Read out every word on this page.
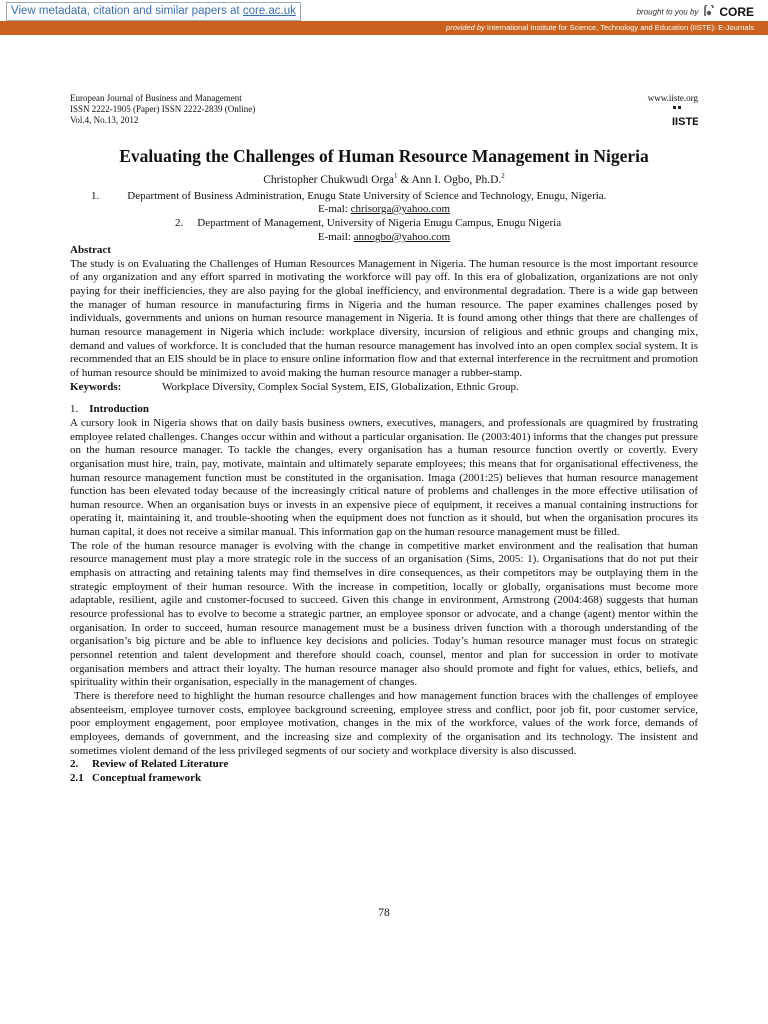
View metadata, citation and similar papers at core.ac.uk	brought to you by CORE
provided by International Institute for Science, Technology and Education (IISTE): E-Journals
European Journal of Business and Management
ISSN 2222-1905 (Paper) ISSN 2222-2839 (Online)
Vol.4, No.13, 2012
www.iiste.org
IISTE
Evaluating the Challenges of Human Resource Management in Nigeria
Christopher Chukwudi Orga$^1$ & Ann I. Ogbo, Ph.D.$^2$
1.	Department of Business Administration, Enugu State University of Science and Technology, Enugu, Nigeria.
E-mal: chrisorga@yahoo.com
2. Department of Management, University of Nigeria Enugu Campus, Enugu Nigeria
E-mail: annogbo@yahoo.com

Abstract

The study is on Evaluating the Challenges of Human Resources Management in Nigeria. The human resource is the most important resource of any organization and any effort sparred in motivating the workforce will pay off. In this era of globalization, organizations are not only paying for their inefficiencies, they are also paying for the global inefficiency, and environmental degradation. There is a wide gap between the manager of human resource in manufacturing firms in Nigeria and the human resource. The paper examines challenges posed by individuals, governments and unions on human resource management in Nigeria. It is found among other things that there are challenges of human resource management in Nigeria which include: workplace diversity, incursion of religious and ethnic groups and changing mix, demand and values of workforce. It is concluded that the human resource management has involved into an open complex social system. It is recommended that an EIS should be in place to ensure online information flow and that external interference in the recruitment and promotion of human resource should be minimized to avoid making the human resource manager a rubber-stamp.

Keywords:	Workplace Diversity, Complex Social System, EIS, Globalization, Ethnic Group.

1. Introduction

A cursory look in Nigeria shows that on daily basis business owners, executives, managers, and professionals are quagmired by frustrating employee related challenges. Changes occur within and without a particular organisation. Ile (2003:401) informs that the changes put pressure on the human resource manager. To tackle the changes, every organisation has a human resource function overtly or covertly. Every organisation must hire, train, pay, motivate, maintain and ultimately separate employees; this means that for organisational effectiveness, the human resource management function must be constituted in the organisation. Imaga (2001:25) believes that human resource management function has been elevated today because of the increasingly critical nature of problems and challenges in the more effective utilisation of human resource. When an organisation buys or invests in an expensive piece of equipment, it receives a manual containing instructions for operating it, maintaining it, and trouble-shooting when the equipment does not function as it should, but when the organisation procures its human capital, it does not receive a similar manual. This information gap on the human resource management must be filled.

The role of the human resource manager is evolving with the change in competitive market environment and the realisation that human resource management must play a more strategic role in the success of an organisation (Sims, 2005: 1). Organisations that do not put their emphasis on attracting and retaining talents may find themselves in dire consequences, as their competitors may be outplaying them in the strategic employment of their human resource. With the increase in competition, locally or globally, organisations must become more adaptable, resilient, agile and customer-focused to succeed. Given this change in environment, Armstrong (2004:468) suggests that human resource professional has to evolve to become a strategic partner, an employee sponsor or advocate, and a change (agent) mentor within the organisation. In order to succeed, human resource management must be a business driven function with a thorough understanding of the organisation’s big picture and be able to influence key decisions and policies. Today’s human resource manager must focus on strategic personnel retention and talent development and therefore should coach, counsel, mentor and plan for succession in order to motivate organisation members and attract their loyalty. The human resource manager also should promote and fight for values, ethics, beliefs, and spirituality within their organisation, especially in the management of changes.

There is therefore need to highlight the human resource challenges and how management function braces with the challenges of employee absenteeism, employee turnover costs, employee background screening, employee stress and conflict, poor job fit, poor customer service, poor employment engagement, poor employee motivation, changes in the mix of the workforce, values of the work force, demands of employees, demands of government, and the increasing size and complexity of the organisation and its technology. The insistent and sometimes violent demand of the less privileged segments of our society and workplace diversity is also discussed.

2. Review of Related Literature

2.1 Conceptual framework

78
